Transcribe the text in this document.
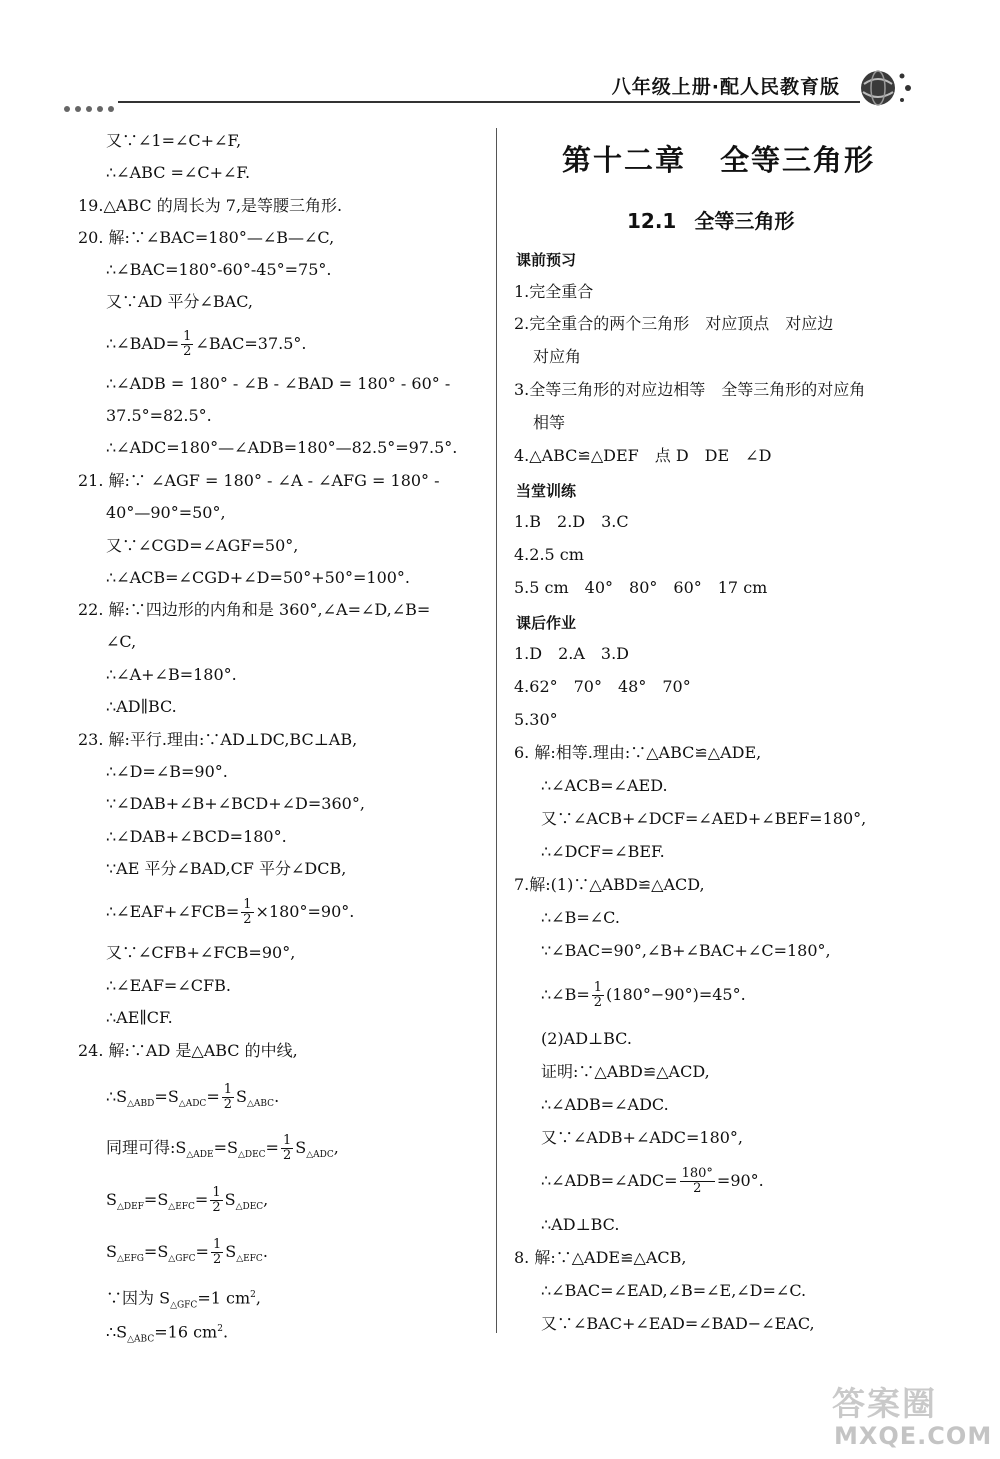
八年级上册·配人民教育版
又∵∠1=∠C+∠F,
∴∠ABC =∠C+∠F.
19.△ABC 的周长为 7,是等腰三角形.
20. 解:∵∠BAC=180°—∠B—∠C,
∴∠BAC=180°-60°-45°=75°.
又∵AD 平分∠BAC,
∴∠BAD= $\frac{1}{2}$ ∠BAC=37.5°.
∴∠ADB = 180° - ∠B - ∠BAD = 180° - 60° -
37.5°=82.5°.
∴∠ADC=180°—∠ADB=180°—82.5°=97.5°.
21. 解:∵ ∠AGF = 180° - ∠A - ∠AFG = 180° -
40°—90°=50°,
又∵∠CGD=∠AGF=50°,
∴∠ACB=∠CGD+∠D=50°+50°=100°.
22. 解:∵四边形的内角和是 360°,∠A=∠D,∠B=
∠C,
∴∠A+∠B=180°.
∴AD∥BC.
23. 解:平行.理由:∵AD⊥DC,BC⊥AB,
∴∠D=∠B=90°.
∵∠DAB+∠B+∠BCD+∠D=360°,
∴∠DAB+∠BCD=180°.
∵AE 平分∠BAD,CF 平分∠DCB,
∴∠EAF+∠FCB= $\frac{1}{2} \times 180^\circ=90^\circ$.
又∵∠CFB+∠FCB=90°,
∴∠EAF=∠CFB.
∴AE∥CF.
24. 解:∵AD 是△ABC 的中线,
$\therefore S_{\triangle ABD}=S_{\triangle ADC}= \frac{1}{2} S_{\triangle ABC}$.
同理可得$:S_{\triangle ADE}=S_{\triangle DEC}= \frac{1}{2} S_{\triangle ADC}$,
$S_{\triangle DEF}=S_{\triangle EFC}= \frac{1}{2} S_{\triangle DEC}$,
$S_{\triangle EFG}=S_{\triangle GFC}= \frac{1}{2} S_{\triangle EFC}$.
∵因为 $S_{\triangle GFC}=1$ $cm^2$,
$\therefore S_{\triangle ABC}=16$ $cm^2$.
第十二章 全等三角形
12.1 全等三角形
课前预习
1.完全重合
2.完全重合的两个三角形　对应顶点　对应边
对应角
3.全等三角形的对应边相等　全等三角形的对应角
相等
4.△ABC≌△DEF　点 D　DE　∠D
当堂训练
1.B　2.D　3.C
4.2.5 cm
5.5 cm　40°　80°　60°　17 cm
课后作业
1.D　2.A　3.D
4.62°　70°　48°　70°
5.30°
6. 解:相等.理由:∵△ABC≌△ADE,
∴∠ACB=∠AED.
又∵∠ACB+∠DCF=∠AED+∠BEF=180°,
∴∠DCF=∠BEF.
7.解:(1)∵△ABD≌△ACD,
∴∠B=∠C.
∵∠BAC=90°,∠B+∠BAC+∠C=180°,
∴∠B= $\frac{1}{2} (180^\circ-90^\circ)=45^\circ$.
(2)AD⊥BC.
证明:∵△ABD≌△ACD,
∴∠ADB=∠ADC.
又∵∠ADB+∠ADC=180°,
∴∠ADB=∠ADC= $\frac{180^\circ}{2} =90^\circ$.
∴AD⊥BC.
8. 解:∵△ADE≌△ACB,
∴∠BAC=∠EAD,∠B=∠E,∠D=∠C.
又∵∠BAC+∠EAD=∠BAD−∠EAC,
答案圈
MXQE.COM
